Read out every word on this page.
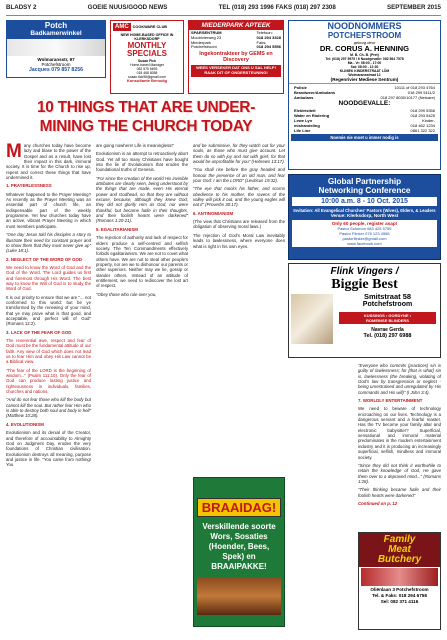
BLADSY 2	GOEIE NUUS/GOOD NEWS	TEL (018) 293 1996 FAKS (018) 297 2308	SEPTEMBER 2015
Potch
Badkamerwinkel
Wolmaransstr, 97
Potchefstroom
Jacques 079 857 8256
AMC	COOKWARE CLUB
NEW HOME-BASED OFFICE IN KLERKSDORP
MONTHLY
SPECIALS
Susan Fick
Home-based Manager
082 575 6693
018 468 8058
susan.fick98@gmail.com
Konsultante Benodig
MIEDERPARK APTEEK
SPARSENTRUM
Mooirivierweg 23
Miederpark
Potchefstroom
Telefoon:
018 294 3328
Faks:
018 294 5556
Ingekontrakteer by GEMS en Discovery
WEES VERSEKER DAT ONS U SAL HELP! RAAK DIT OF ONDERSTEUNING!
NOODNOMMERS
POTCHEFSTROOM
geborg deur
DR. CORUS A. HENNING
M. B. Ch. B. (Pret)
Tel: (018) 297 5975 / 6 Noodgevalle: 082 564 7578
Ma - Vr: 08:00 - 17:00
Sat: 08:00 - 12:30
KLINIEK KINDERSTRAAT LÖM
Wolmaransstraat 12
(Regenrivier Mediese Sentrum)
Polisie	10111 of 018 293 4764
Brandweer/Ambulans	018 299 5111/2
Ambulans	018 297 8030/10177 (Netcare)
NOODGEVALLE:
Elektrisiteit	018 299 5356
Water en Riolering	018 293 5425
Lewe Lyn	Kinder-
mishandeling	018 462 1234
Life Line	0861 322 322
Noemie nie moet u immer nodig is
10 THINGS THAT ARE UNDER-
MINING THE CHURCH TODAY

Many churches today have become lazy and blase to the power of the Gospel and as a result, have lost their impact in this dark, immoral society. It is time for the Church to rise up, repent and correct these things that have undermined it.

1. PRAYERLESSNESS

Whatever happened to the Prayer Meeting? As recently as the Prayer Meeting was an essential part of church life, an indispensable part of the weekly programme. Yet few churches today have an active, vibrant Prayer Meeting in which most members participate.

"One day Jesus told his disciples a story to illustrate their need for constant prayer and to show them that they must never give up" (Luke 18:1).

2. NEGLECT OF THE WORD OF GOD

We need to know the Word of God and the God of the Word. The Lord guides us first and foremost through His Word. The best way to know the Will of God is to study the Word of God.

It is our priority to ensure that we are "... not conformed to this world: but be ye transformed by the renewing of your mind, that ye may prove what is that good, and acceptable, and perfect will of God" (Romans 12:2).

3. LACK OF THE FEAR OF GOD

The reverential awe, respect and fear of God must be the fundamental attitude of our faith. Any view of God which does not lead us to fear Him and obey His Law cannot be a Biblical view.

"The fear of the LORD is the beginning of wisdom..." (Psalm 111:10). Only the fear of God can produce lasting justice and righteousness in individuals, families, churches and nations.

"And do not fear those who kill the body but cannot kill the soul. But rather fear Him who is able to destroy both soul and body in hell" (Matthew 10:28).

4. EVOLUTIONISM

Evolutionism and its denial of the Creator, and therefore of accountability to Almighty God on Judgment Day, erodes the very foundations of Christian civilisation. Evolutionism destroys all meaning, purpose and justice in life. "You came from nothing! You

are going nowhere! Life is meaningless!"

Evolutionism is an attempt to retroactively abort God. Yet all too many Christians have bought into the lie of Evolutionism that erodes the foundational truths of Genesis.

"For since the creation of the world His invisible attributes are clearly seen, being understood by the things that are made, even His eternal power and Godhead, so that they are without excuse, because, although they knew God, they did not glorify Him as God, nor were thankful, but became futile in their thoughts, and their foolish hearts were darkened" (Romans 1:20-21).

5. EGALITARIANISM

The rejection of authority and lack of respect for elders produce a self-centred and selfish society. The Ten Commandments effectively forbids egalitarianism. We are not to covet what others have. We are not to steal other people's property, nor are we to dishonour our parents or other superiors. Neither may we lie, gossip or slander others. Instead of an attitude of entitlement, we need to rediscover the lost art of respect.

"Obey those who rule over you,

and be submissive, for they watch out for your souls, as those who must give account. Let them do so with joy and not with grief, for that would be unprofitable for you" (Hebrews 13:17).

"You shall rise before the gray headed and honour the presence of an old man, and fear your God: I am the LORD" (Leviticus 19:32).

"The eye that mocks his father, and scorns obedience to his mother, the ravens of the valley will pick it out, and the young eagles will eat it" (Proverbs 30:17).

6. ANTINOMIANISM

(The view that Christians are released from the obligation of observing moral laws.)

The rejection of God's Moral Law inevitably leads to lawlessness, where everyone does what is right in his own eyes.

"Everyone who commits (practices) sin is guilty of lawlessness; for [that is what] sin is, lawlessness (the breaking, violating of God's law by transgression or neglect - being unrestrained and unregulated by His commands and His will)" (I John 3:4).

7. WORLDLY ENTERTAINMENT

We need to beware of technology encroaching on our lives. Technology is a dangerous servant and a fearful master. Has the TV become your family altar and electronic babysitter? Superficial, sensational and immoral material predominates in the modern entertainment industry and it is producing an increasingly superficial, selfish, mindless and immoral society.

"Since they did not think it worthwhile to retain the knowledge of God, He gave them over to a depraved mind..." (Romans 1:28).

"Their thinking became futile and their foolish hearts were darkened"

Continued on p. 12

Global Partnership
Networking Conference
10:00 a.m. 8 - 10 Oct. 2015
Invitation: All Evangelical Churches' Pastors (Wives), Elders, & Leaders
Venue: Klerksdorp, North West
Only 60 people, register asap!
Pastor Solomon 083 425 5755
Pastor Flinker 076 123 4556
pastorflinker@gmail.com
www.facebook.com
Flink Vingers /
Biggie Best
Smitstraat 58
Potchefstroom
KUSSINGS • GORDYNE •
ROMEINSE BLINDERS
Navrae Gerda
Tel. (018) 297 6988
BRAAIDAG!
Verskillende soorte Wors, Sosaties (Hoender, Bees, Spek) en BRAAIPAKKE!
Family
Meat
Butchery
Oliënlaan 3 Potchefstroom
Tel. & Faks: 018 294 6758
Sel: 082 371 4116
